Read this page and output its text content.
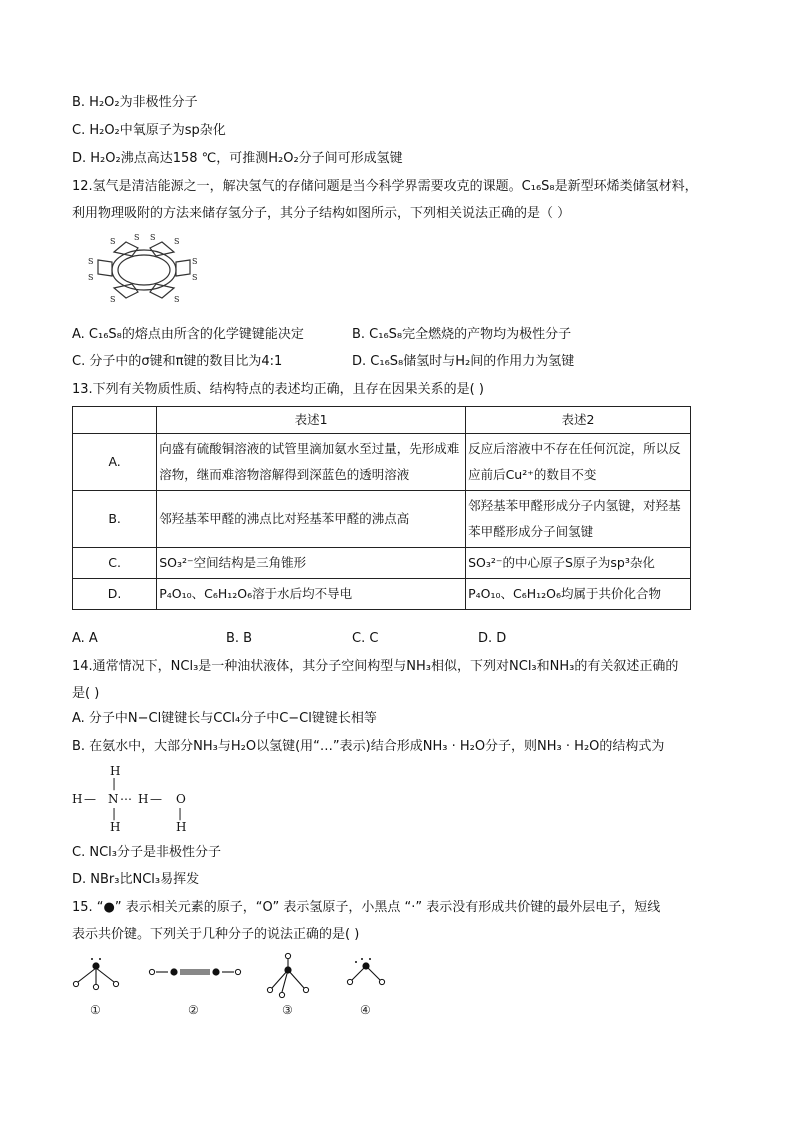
B. H₂O₂为非极性分子
C. H₂O₂中氧原子为sp杂化
D. H₂O₂沸点高达158 ℃，可推测H₂O₂分子间可形成氢键
12.氢气是清洁能源之一，解决氢气的存储问题是当今科学界需要攻克的课题。C₁₆S₈是新型环烯类储氢材料，
利用物理吸附的方法来储存氢分子，其分子结构如图所示，下列相关说法正确的是（ ）
S S S S
S
S
S
S
S
S
A. C₁₆S₈的熔点由所含的化学键键能决定	B. C₁₆S₈完全燃烧的产物均为极性分子
C. 分子中的σ键和π键的数目比为4:1	D. C₁₆S₈储氢时与H₂间的作用力为氢键
13.下列有关物质性质、结构特点的表述均正确，且存在因果关系的是( )
	表述1	表述2
A.	向盛有硫酸铜溶液的试管里滴加氨水至过量，先形成难溶物，继而难溶物溶解得到深蓝色的透明溶液	反应后溶液中不存在任何沉淀，所以反应前后Cu²⁺的数目不变
B.	邻羟基苯甲醛的沸点比对羟基苯甲醛的沸点高	邻羟基苯甲醛形成分子内氢键，对羟基苯甲醛形成分子间氢键
C.	SO₃²⁻空间结构是三角锥形	SO₃²⁻的中心原子S原子为sp³杂化
D.	P₄O₁₀、C₆H₁₂O₆溶于水后均不导电	P₄O₁₀、C₆H₁₂O₆均属于共价化合物
A. A	B. B	C. C	D. D
14.通常情况下，NCl₃是一种油状液体，其分子空间构型与NH₃相似，下列对NCl₃和NH₃的有关叙述正确的
是( )
A. 分子中N−Cl键键长与CCl₄分子中C−Cl键键长相等
B. 在氨水中，大部分NH₃与H₂O以氢键(用“…”表示)结合形成NH₃ · H₂O分子，则NH₃ · H₂O的结构式为
H
|
H — N ⋯ H — O
|
H
|
H
C. NCl₃分子是非极性分子
D. NBr₃比NCl₃易挥发
15. “●” 表示相关元素的原子，“O” 表示氢原子，小黑点 “·” 表示没有形成共价键的最外层电子，短线
表示共价键。下列关于几种分子的说法正确的是( )
①	②	③	④
